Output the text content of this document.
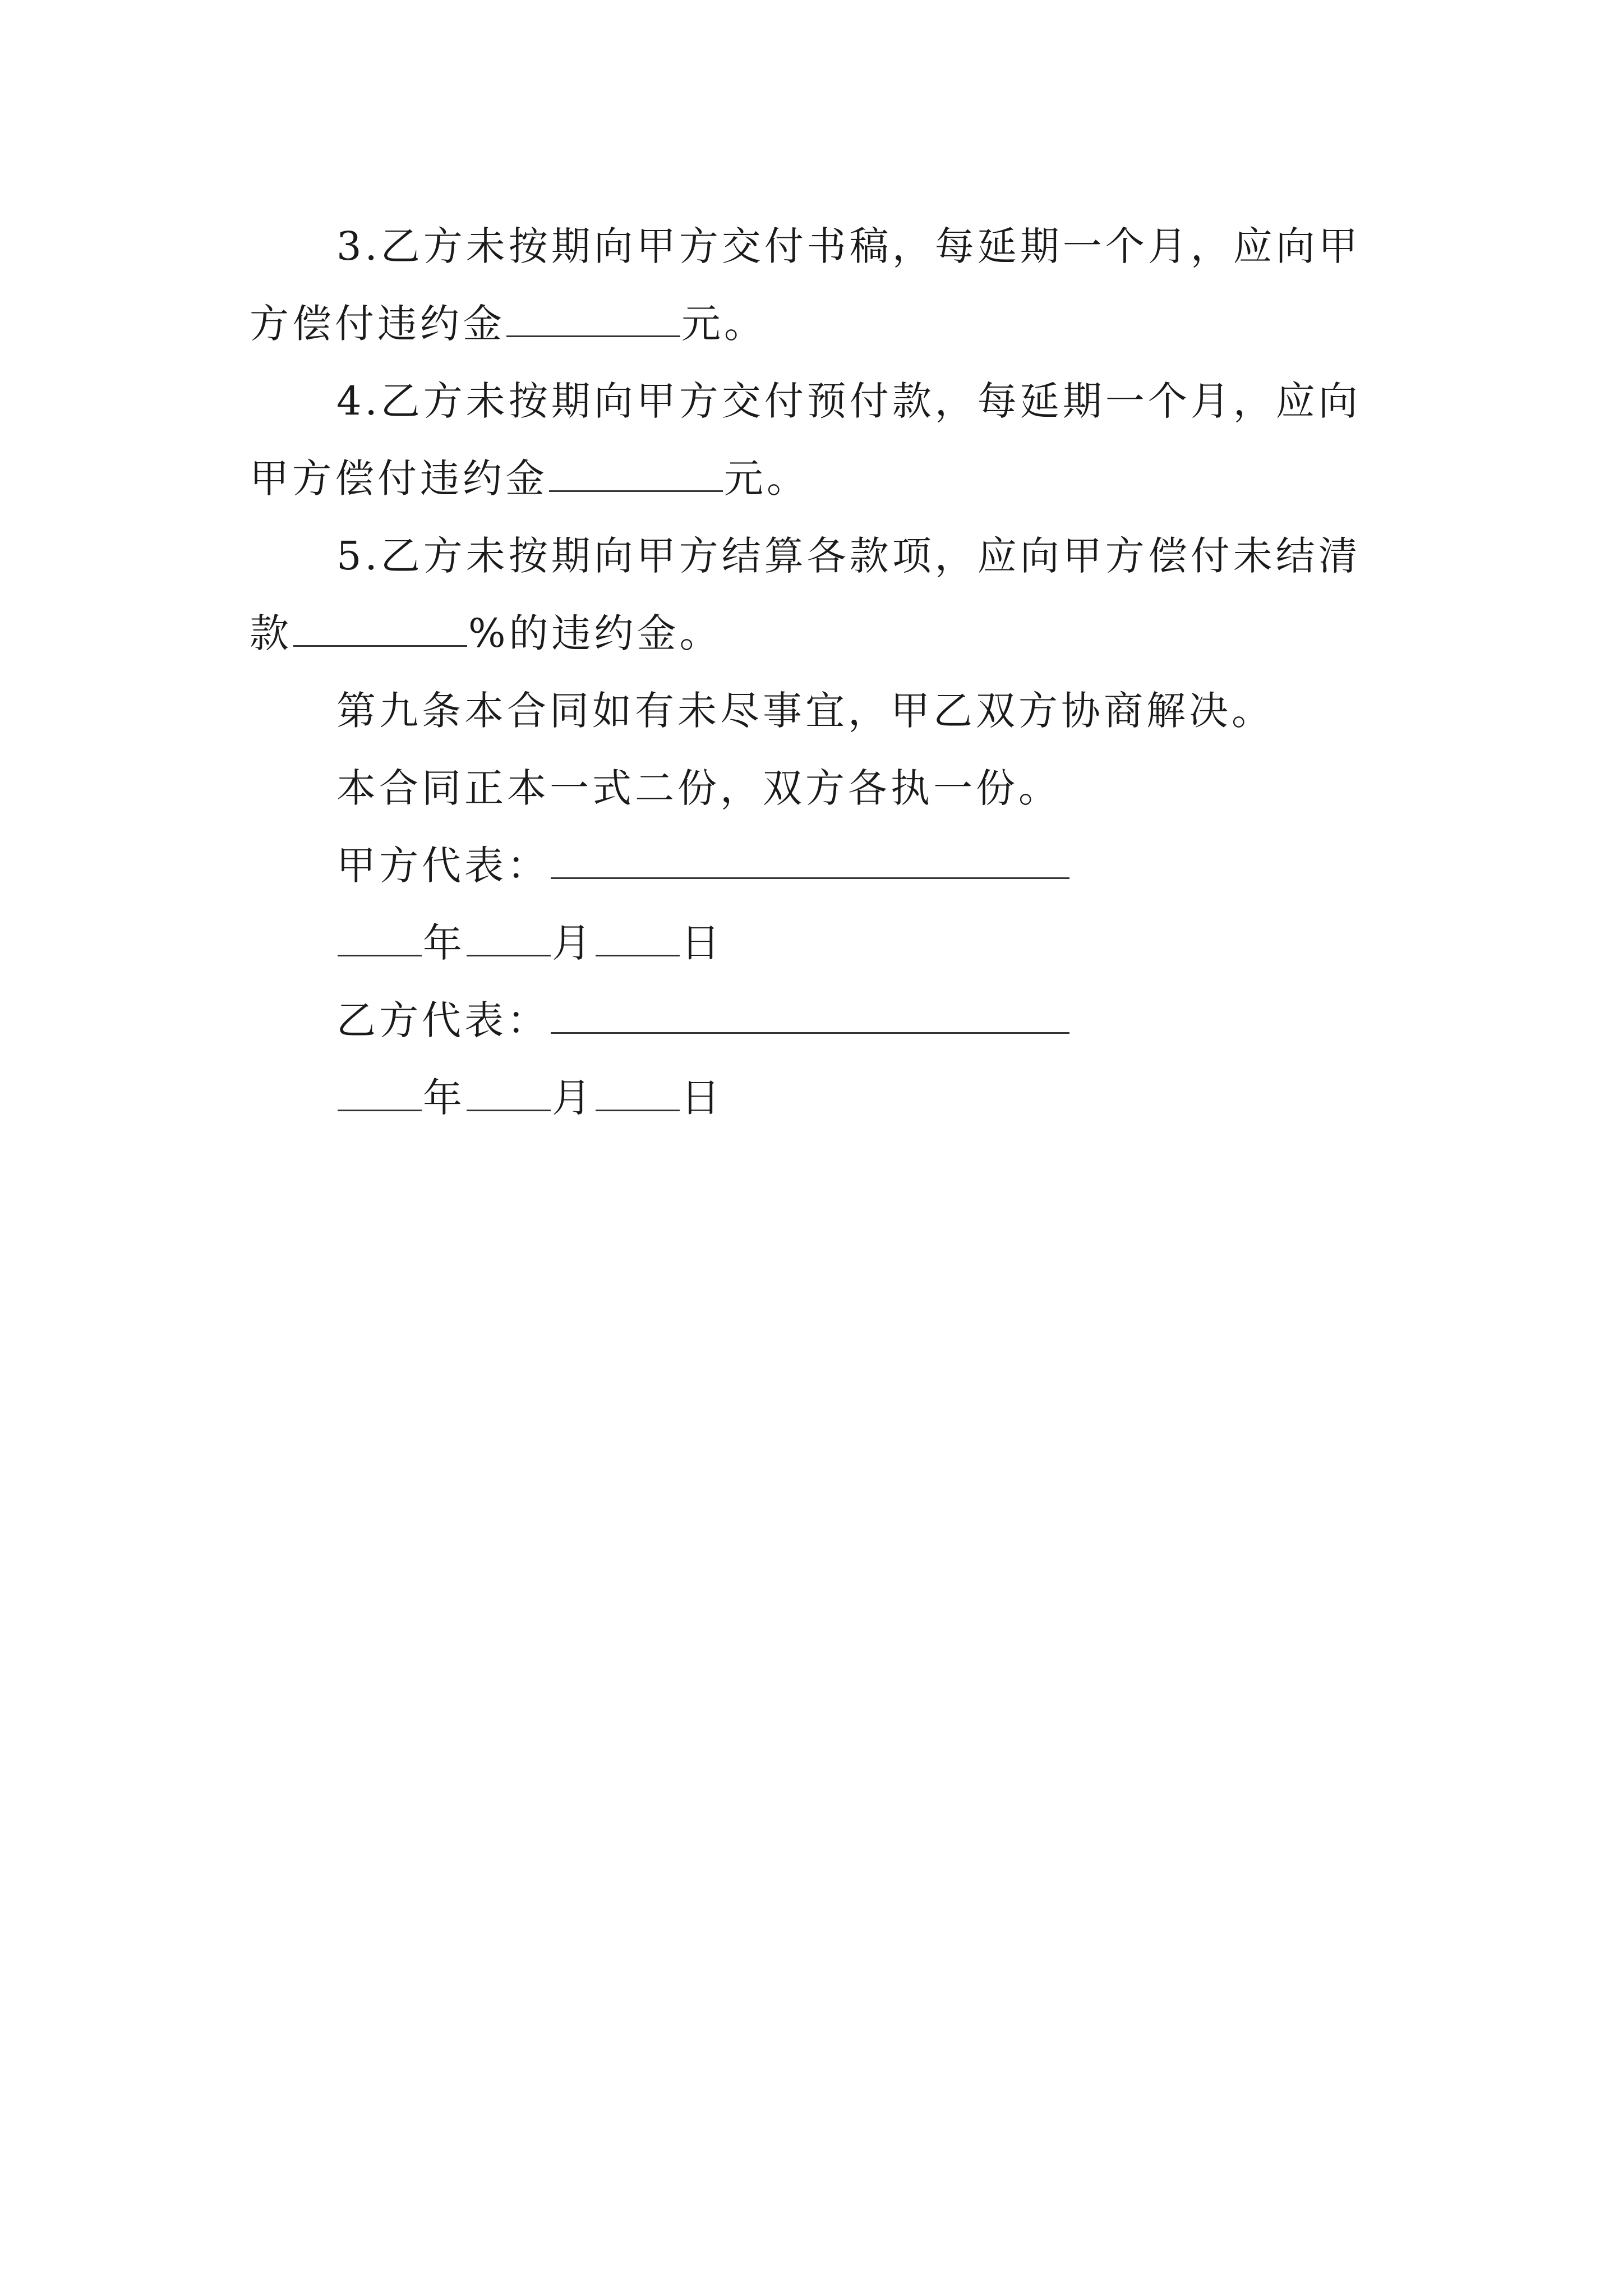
3.乙方未按期向甲方交付书稿，每延期一个月，应向甲
方偿付违约金	元。
4.乙方未按期向甲方交付预付款，每延期一个月，应向
甲方偿付违约金	元。
5.乙方未按期向甲方结算各款项，应向甲方偿付未结清
款	%的违约金。
第九条本合同如有未尽事宜，甲乙双方协商解决。
本合同正本一式二份，双方各执一份。
甲方代表：
年 月 日
乙方代表：
年 月 日
